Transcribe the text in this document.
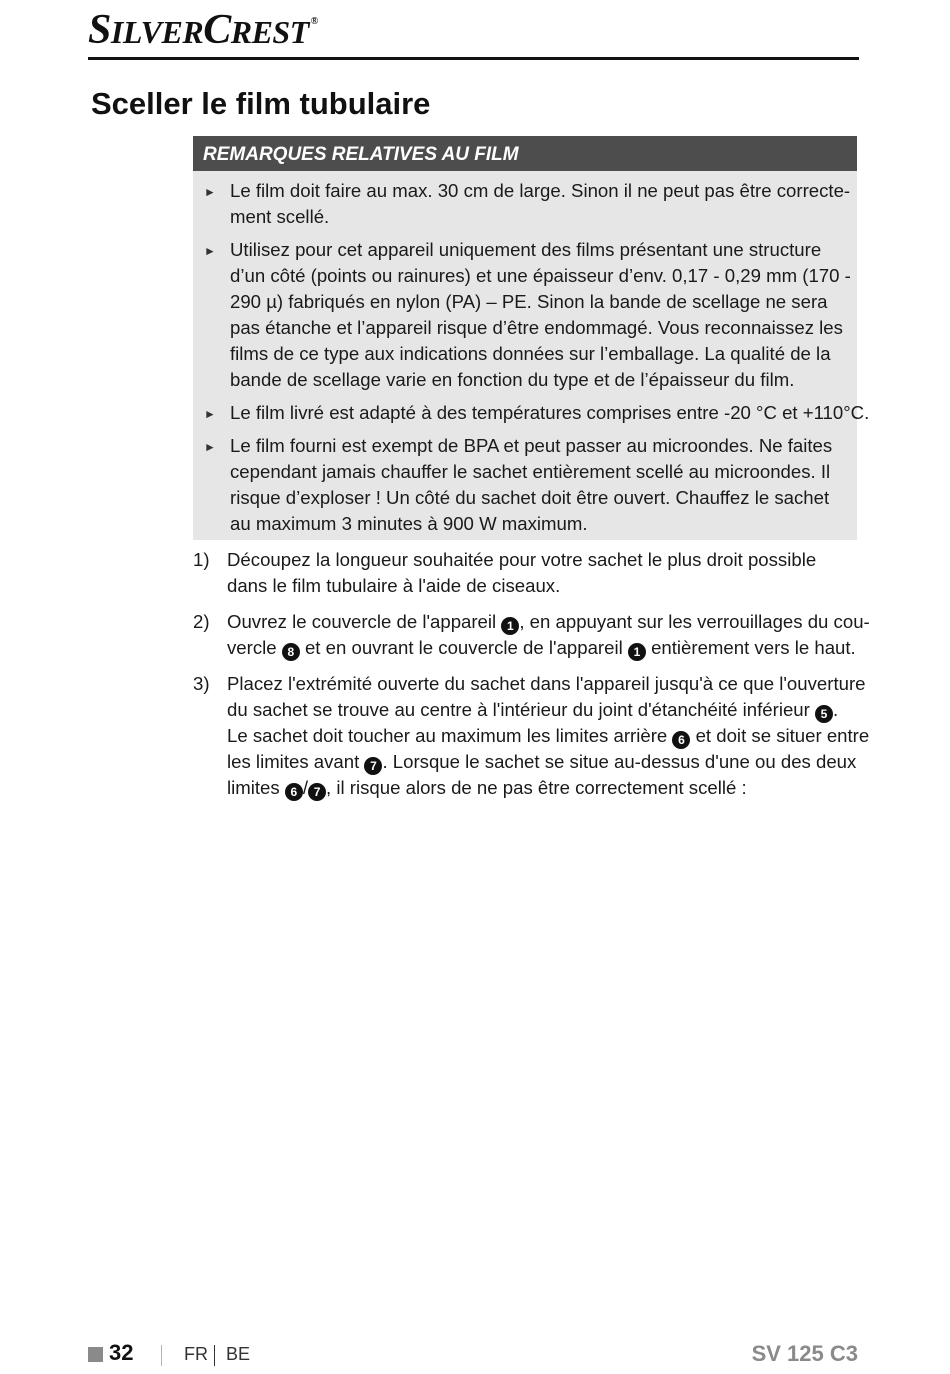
SILVERCREST ®
Sceller le film tubulaire
REMARQUES RELATIVES AU FILM
► Le film doit faire au max. 30 cm de large. Sinon il ne peut pas être correcte-
ment scellé.
► Utilisez pour cet appareil uniquement des films présentant une structure
d’un côté (points ou rainures) et une épaisseur d’env. 0,17 - 0,29 mm (170 -
290 µ) fabriqués en nylon (PA) – PE. Sinon la bande de scellage ne sera
pas étanche et l’appareil risque d’être endommagé. Vous reconnaissez les
films de ce type aux indications données sur l’emballage. La qualité de la
bande de scellage varie en fonction du type et de l’épaisseur du film.
► Le film livré est adapté à des températures comprises entre -20 °C et +110°C.
► Le film fourni est exempt de BPA et peut passer au microondes. Ne faites
cependant jamais chauffer le sachet entièrement scellé au microondes. Il
risque d’exploser ! Un côté du sachet doit être ouvert. Chauffez le sachet
au maximum 3 minutes à 900 W maximum.
1) Découpez la longueur souhaitée pour votre sachet le plus droit possible
dans le film tubulaire à l'aide de ciseaux.
2) Ouvrez le couvercle de l'appareil 1 , en appuyant sur les verrouillages du cou-
vercle 8 et en ouvrant le couvercle de l'appareil 1 entièrement vers le haut.
3) Placez l'extrémité ouverte du sachet dans l'appareil jusqu'à ce que l'ouverture
du sachet se trouve au centre à l'intérieur du joint d'étanchéité inférieur 5 .
Le sachet doit toucher au maximum les limites arrière 6 et doit se situer entre
les limites avant 7 . Lorsque le sachet se situe au-dessus d'une ou des deux
limites 6 / 7 , il risque alors de ne pas être correctement scellé :
32	FR BE	SV 125 C3
